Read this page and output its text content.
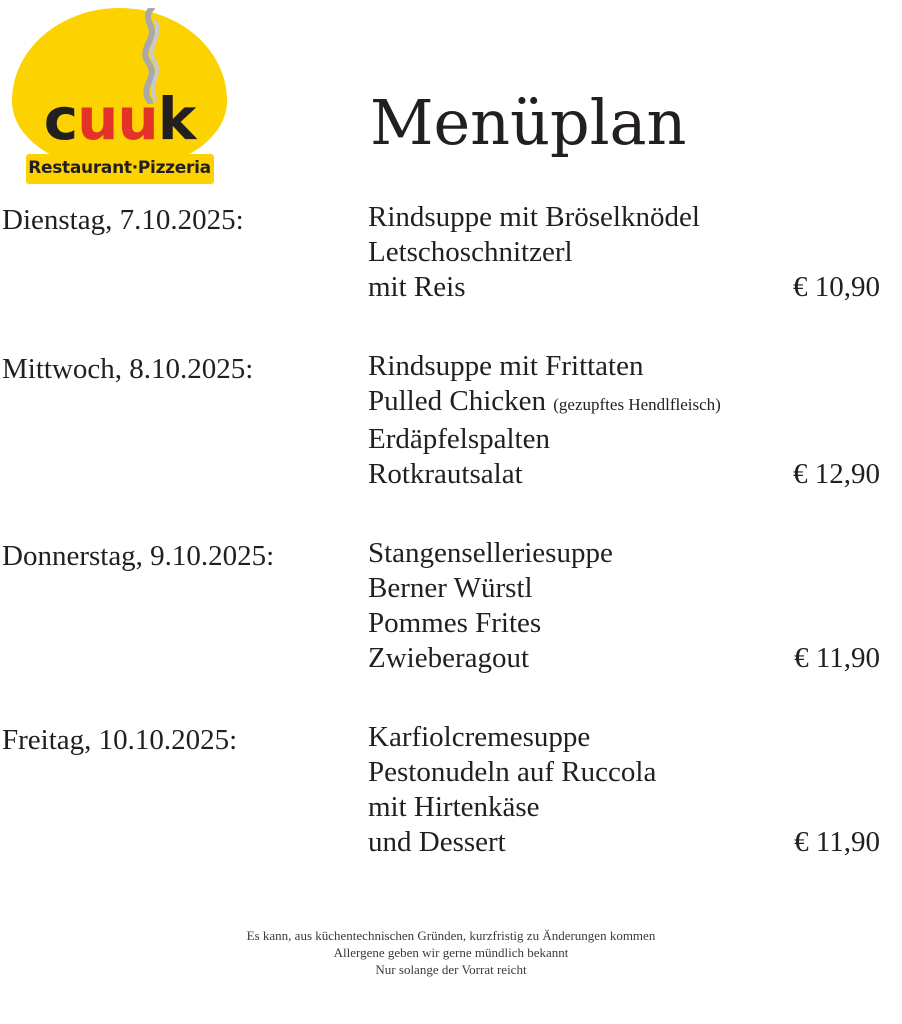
cuuk
Restaurant·Pizzeria
Menüplan
Dienstag, 7.10.2025:	Rindsuppe mit Bröselknödel
Letschoschnitzerl
mit Reis	€ 10,90
Mittwoch, 8.10.2025:	Rindsuppe mit Frittaten
Pulled Chicken (gezupftes Hendlfleisch)
Erdäpfelspalten
Rotkrautsalat	€ 12,90
Donnerstag, 9.10.2025:	Stangenselleriesuppe
Berner Würstl
Pommes Frites
Zwieberagout	€ 11,90
Freitag, 10.10.2025:	Karfiolcremesuppe
Pestonudeln auf Ruccola
mit Hirtenkäse
und Dessert	€ 11,90
Es kann, aus küchentechnischen Gründen, kurzfristig zu Änderungen kommen
Allergene geben wir gerne mündlich bekannt
Nur solange der Vorrat reicht
